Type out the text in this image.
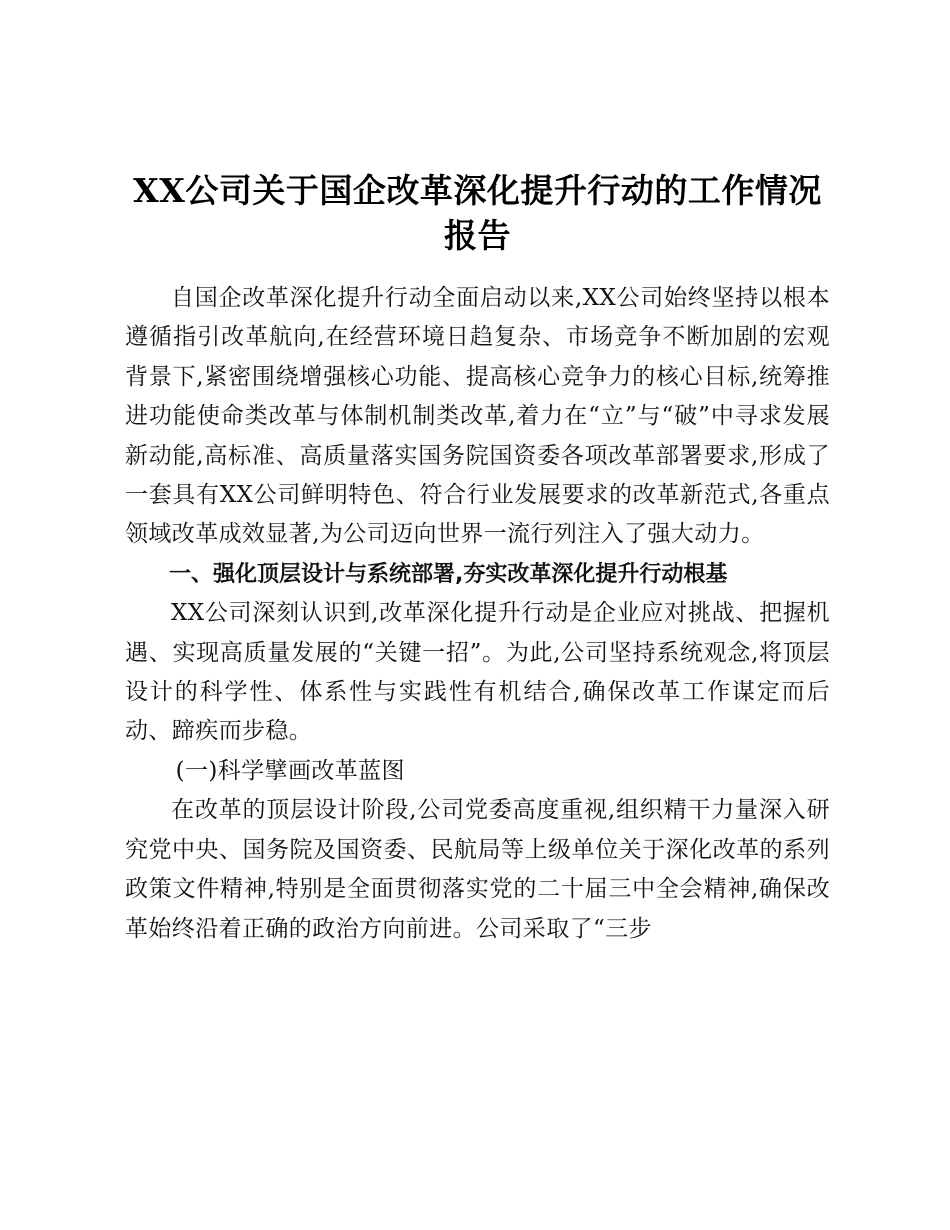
XX公司关于国企改革深化提升行动的工作情况
报告

自国企改革深化提升行动全面启动以来,XX公司始终坚持以根本遵循指引改革航向,在经营环境日趋复杂、市场竞争不断加剧的宏观背景下,紧密围绕增强核心功能、提高核心竞争力的核心目标,统筹推进功能使命类改革与体制机制类改革,着力在“立”与“破”中寻求发展新动能,高标准、高质量落实国务院国资委各项改革部署要求,形成了一套具有XX公司鲜明特色、符合行业发展要求的改革新范式,各重点领域改革成效显著,为公司迈向世界一流行列注入了强大动力。

一、强化顶层设计与系统部署,夯实改革深化提升行动根基

XX公司深刻认识到,改革深化提升行动是企业应对挑战、把握机遇、实现高质量发展的“关键一招”。为此,公司坚持系统观念,将顶层设计的科学性、体系性与实践性有机结合,确保改革工作谋定而后动、蹄疾而步稳。

(一)科学擘画改革蓝图

在改革的顶层设计阶段,公司党委高度重视,组织精干力量深入研究党中央、国务院及国资委、民航局等上级单位关于深化改革的系列政策文件精神,特别是全面贯彻落实党的二十届三中全会精神,确保改革始终沿着正确的政治方向前进。公司采取了“三步
